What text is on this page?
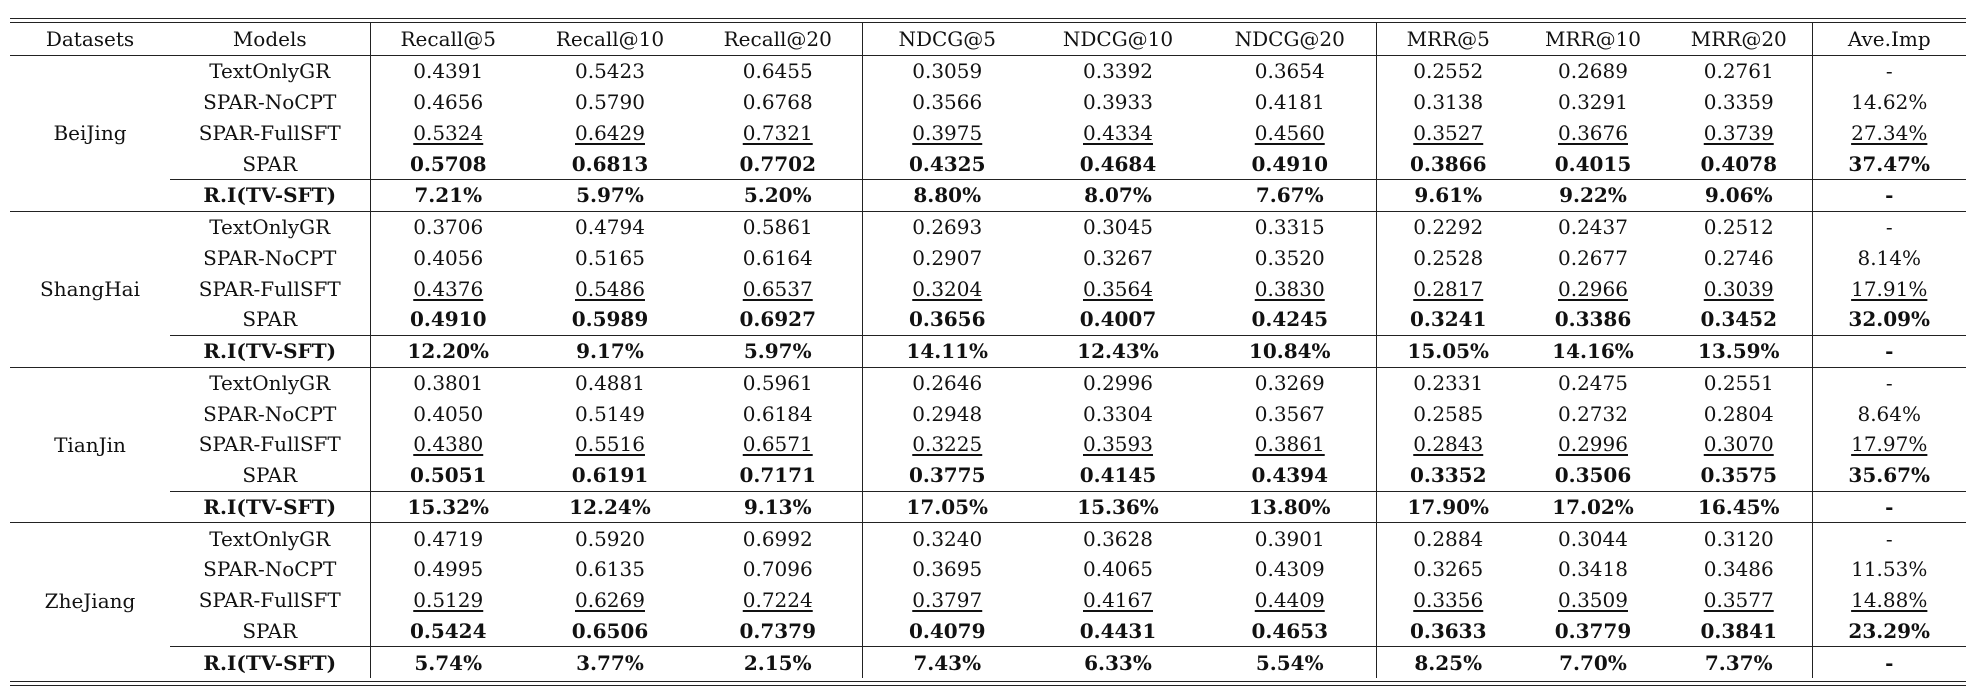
Datasets	Models	Recall@5	Recall@10	Recall@20	NDCG@5	NDCG@10	NDCG@20	MRR@5	MRR@10	MRR@20	Ave.Imp
BeiJing	TextOnlyGR	0.4391	0.5423	0.6455	0.3059	0.3392	0.3654	0.2552	0.2689	0.2761	-
	SPAR-NoCPT	0.4656	0.5790	0.6768	0.3566	0.3933	0.4181	0.3138	0.3291	0.3359	14.62%
	SPAR-FullSFT	0.5324	0.6429	0.7321	0.3975	0.4334	0.4560	0.3527	0.3676	0.3739	27.34%
	SPAR	0.5708	0.6813	0.7702	0.4325	0.4684	0.4910	0.3866	0.4015	0.4078	37.47%
	R.I(TV-SFT)	7.21%	5.97%	5.20%	8.80%	8.07%	7.67%	9.61%	9.22%	9.06%	-
ShangHai	TextOnlyGR	0.3706	0.4794	0.5861	0.2693	0.3045	0.3315	0.2292	0.2437	0.2512	-
	SPAR-NoCPT	0.4056	0.5165	0.6164	0.2907	0.3267	0.3520	0.2528	0.2677	0.2746	8.14%
	SPAR-FullSFT	0.4376	0.5486	0.6537	0.3204	0.3564	0.3830	0.2817	0.2966	0.3039	17.91%
	SPAR	0.4910	0.5989	0.6927	0.3656	0.4007	0.4245	0.3241	0.3386	0.3452	32.09%
	R.I(TV-SFT)	12.20%	9.17%	5.97%	14.11%	12.43%	10.84%	15.05%	14.16%	13.59%	-
TianJin	TextOnlyGR	0.3801	0.4881	0.5961	0.2646	0.2996	0.3269	0.2331	0.2475	0.2551	-
	SPAR-NoCPT	0.4050	0.5149	0.6184	0.2948	0.3304	0.3567	0.2585	0.2732	0.2804	8.64%
	SPAR-FullSFT	0.4380	0.5516	0.6571	0.3225	0.3593	0.3861	0.2843	0.2996	0.3070	17.97%
	SPAR	0.5051	0.6191	0.7171	0.3775	0.4145	0.4394	0.3352	0.3506	0.3575	35.67%
	R.I(TV-SFT)	15.32%	12.24%	9.13%	17.05%	15.36%	13.80%	17.90%	17.02%	16.45%	-
ZheJiang	TextOnlyGR	0.4719	0.5920	0.6992	0.3240	0.3628	0.3901	0.2884	0.3044	0.3120	-
	SPAR-NoCPT	0.4995	0.6135	0.7096	0.3695	0.4065	0.4309	0.3265	0.3418	0.3486	11.53%
	SPAR-FullSFT	0.5129	0.6269	0.7224	0.3797	0.4167	0.4409	0.3356	0.3509	0.3577	14.88%
	SPAR	0.5424	0.6506	0.7379	0.4079	0.4431	0.4653	0.3633	0.3779	0.3841	23.29%
	R.I(TV-SFT)	5.74%	3.77%	2.15%	7.43%	6.33%	5.54%	8.25%	7.70%	7.37%	-
